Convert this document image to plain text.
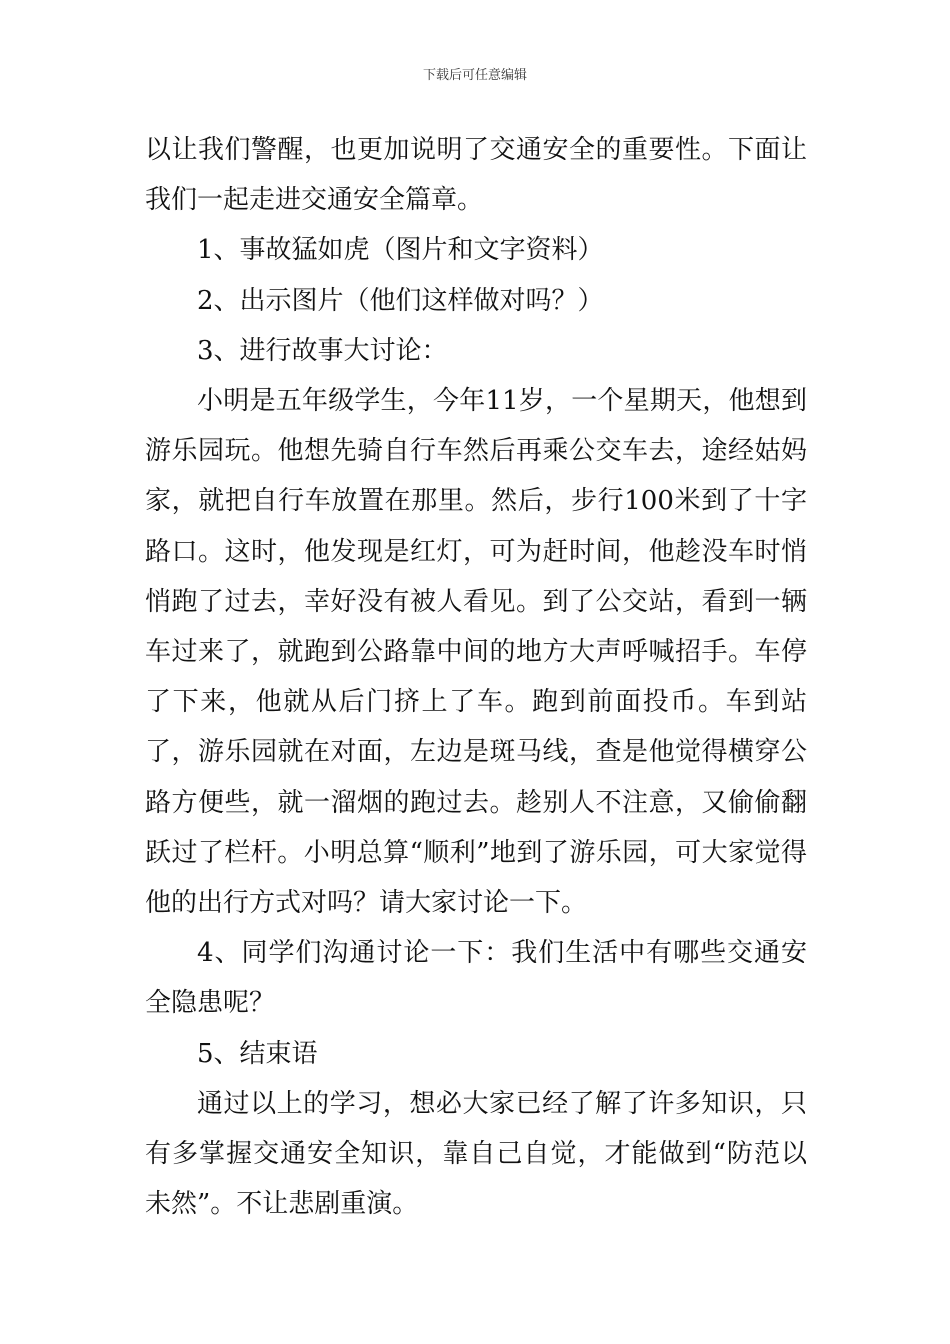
下载后可任意编辑

以让我们警醒，也更加说明了交通安全的重要性。下面让我们一起走进交通安全篇章。

1、事故猛如虎（图片和文字资料）

2、出示图片（他们这样做对吗？）

3、进行故事大讨论：

小明是五年级学生，今年11岁，一个星期天，他想到游乐园玩。他想先骑自行车然后再乘公交车去，途经姑妈家，就把自行车放置在那里。然后，步行100米到了十字路口。这时，他发现是红灯，可为赶时间，他趁没车时悄悄跑了过去，幸好没有被人看见。到了公交站，看到一辆车过来了，就跑到公路靠中间的地方大声呼喊招手。车停了下来，他就从后门挤上了车。跑到前面投币。车到站了，游乐园就在对面，左边是斑马线，查是他觉得横穿公路方便些，就一溜烟的跑过去。趁别人不注意，又偷偷翻跃过了栏杆。小明总算“顺利”地到了游乐园，可大家觉得他的出行方式对吗？请大家讨论一下。

4、同学们沟通讨论一下：我们生活中有哪些交通安全隐患呢？

5、结束语

通过以上的学习，想必大家已经了解了许多知识，只有多掌握交通安全知识，靠自己自觉，才能做到“防范以未然”。不让悲剧重演。
